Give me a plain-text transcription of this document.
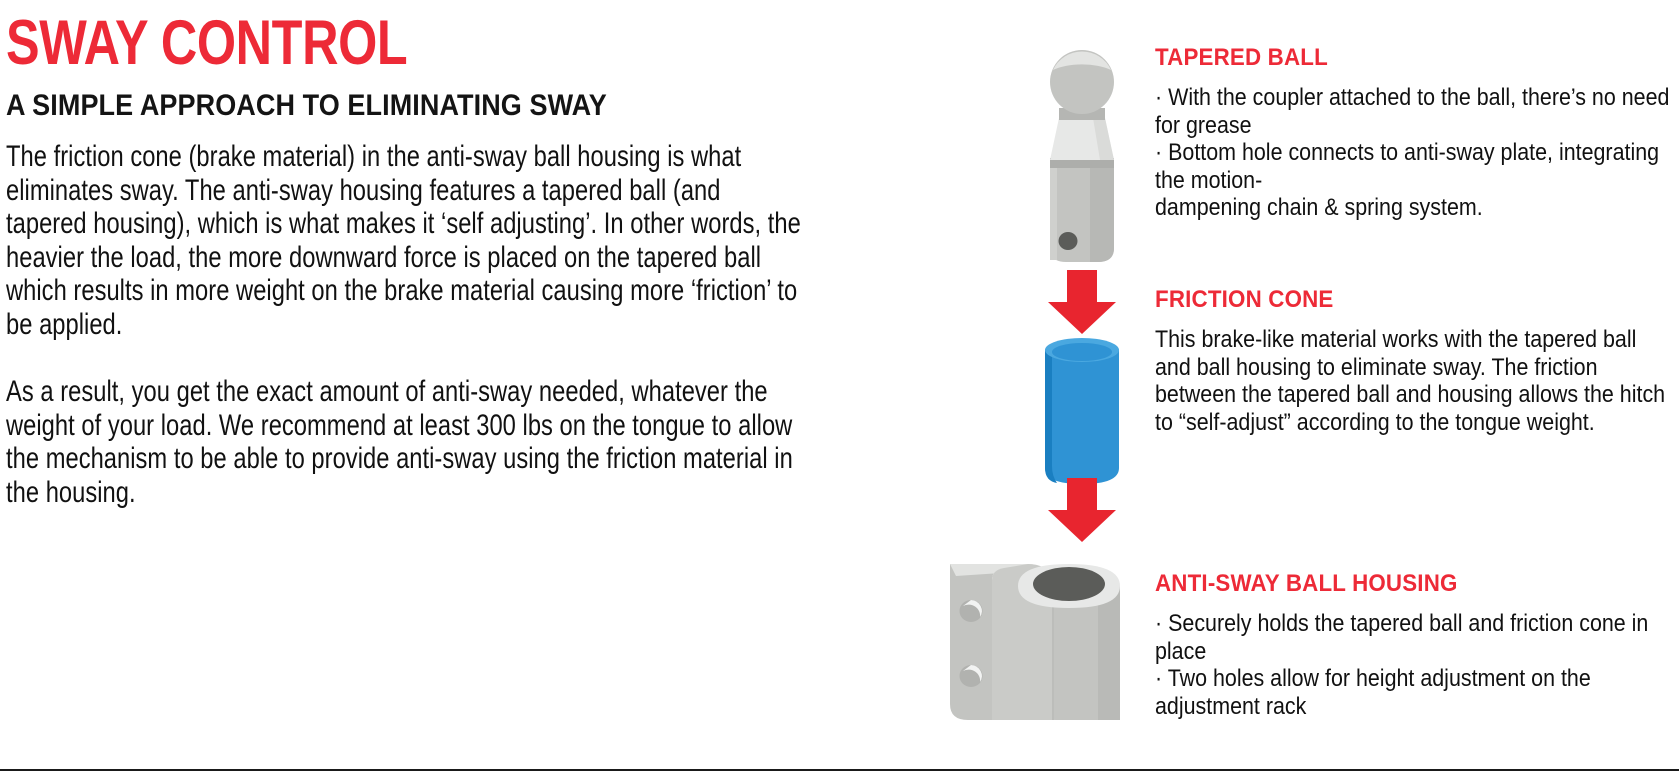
SWAY CONTROL
A SIMPLE APPROACH TO ELIMINATING SWAY

The friction cone (brake material) in the anti-sway ball housing is what eliminates sway. The anti-sway housing features a tapered ball (and tapered housing), which is what makes it ‘self adjusting’. In other words, the heavier the load, the more downward force is placed on the tapered ball which results in more weight on the brake material causing more ‘friction’ to be applied.

As a result, you get the exact amount of anti-sway needed, whatever the weight of your load. We recommend at least 300 lbs on the tongue to allow the mechanism to be able to provide anti-sway using the friction material in the housing.

TAPERED BALL

· With the coupler attached to the ball, there’s no need for grease
· Bottom hole connects to anti-sway plate, integrating the motion-
dampening chain & spring system.

FRICTION CONE

This brake-like material works with the tapered ball and ball housing to eliminate sway. The friction between the tapered ball and housing allows the hitch to “self-adjust” according to the tongue weight.

ANTI-SWAY BALL HOUSING

· Securely holds the tapered ball and friction cone in place
· Two holes allow for height adjustment on the adjustment rack
